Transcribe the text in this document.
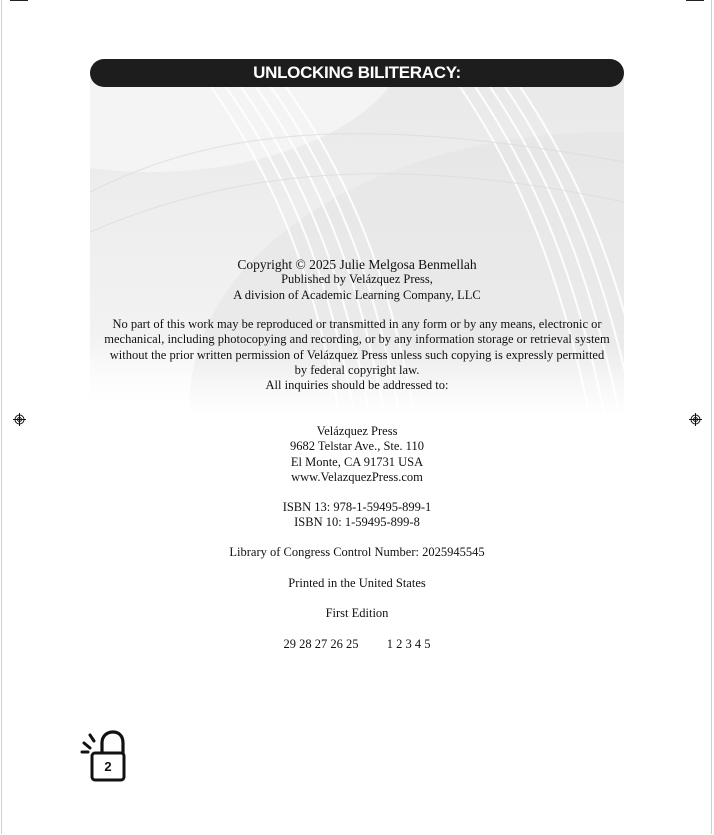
UNLOCKING BILITERACY:
Copyright © 2025 Julie Melgosa Benmellah
Published by Velázquez Press,
A division of Academic Learning Company, LLC
No part of this work may be reproduced or transmitted in any form or by any means, electronic or
mechanical, including photocopying and recording, or by any information storage or retrieval system
without the prior written permission of Velázquez Press unless such copying is expressly permitted
by federal copyright law.
All inquiries should be addressed to:
Velázquez Press
9682 Telstar Ave., Ste. 110
El Monte, CA 91731 USA
www.VelazquezPress.com
ISBN 13: 978-1-59495-899-1
ISBN 10: 1-59495-899-8
Library of Congress Control Number: 2025945545
Printed in the United States
First Edition
29 28 27 26 25 1 2 3 4 5
2
